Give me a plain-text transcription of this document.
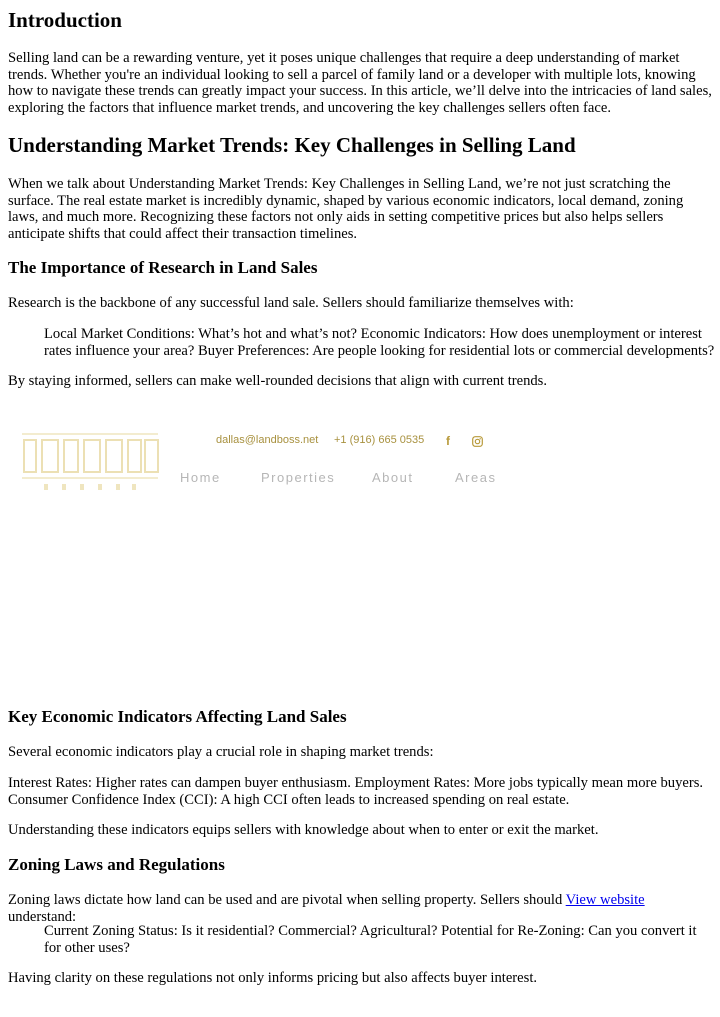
Introduction

Selling land can be a rewarding venture, yet it poses unique challenges that require a deep understanding of market trends. Whether you're an individual looking to sell a parcel of family land or a developer with multiple lots, knowing how to navigate these trends can greatly impact your success. In this article, we’ll delve into the intricacies of land sales, exploring the factors that influence market trends, and uncovering the key challenges sellers often face.

Understanding Market Trends: Key Challenges in Selling Land

When we talk about Understanding Market Trends: Key Challenges in Selling Land, we’re not just scratching the surface. The real estate market is incredibly dynamic, shaped by various economic indicators, local demand, zoning laws, and much more. Recognizing these factors not only aids in setting competitive prices but also helps sellers anticipate shifts that could affect their transaction timelines.

The Importance of Research in Land Sales

Research is the backbone of any successful land sale. Sellers should familiarize themselves with:

Local Market Conditions: What’s hot and what’s not? Economic Indicators: How does unemployment or interest rates influence your area? Buyer Preferences: Are people looking for residential lots or commercial developments?

By staying informed, sellers can make well-rounded decisions that align with current trends.

Key Economic Indicators Affecting Land Sales

Several economic indicators play a crucial role in shaping market trends:

Interest Rates: Higher rates can dampen buyer enthusiasm. Employment Rates: More jobs typically mean more buyers. Consumer Confidence Index (CCI): A high CCI often leads to increased spending on real estate.

Understanding these indicators equips sellers with knowledge about when to enter or exit the market.

Zoning Laws and Regulations

Zoning laws dictate how land can be used and are pivotal when selling property. Sellers should View website understand:

Current Zoning Status: Is it residential? Commercial? Agricultural? Potential for Re-Zoning: Can you convert it for other uses?

Having clarity on these regulations not only informs pricing but also affects buyer interest.

dallas@landboss.net +1 (916) 665 0535 f
Home	Properties	About	Areas
